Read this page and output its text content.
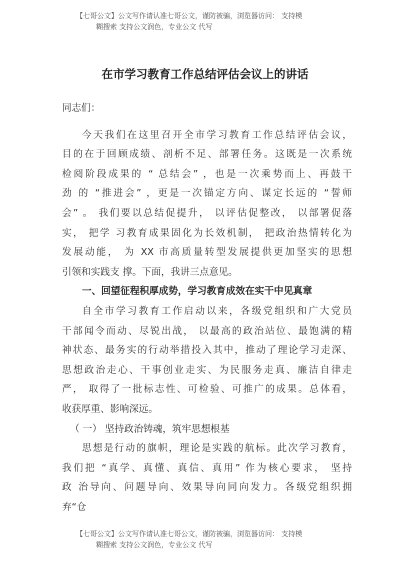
【七哥公文】公文写作请认准七哥公文，谨防被骗，浏览器访问： 支持模
糊搜索 支持公文润色，专业公文 代写
在市学习教育工作总结评估会议上的讲话
同志们：
今天我们在这里召开全市学习教育工作总结评估会议，
目的在于回顾成绩、剖析不足、部署任务。这既是一次系统
检阅阶段成果的 “ 总结会” ，也是一次乘势而上、再鼓干
劲 的 “推进会” ，更是一次锚定方向、谋定长远的 “誓师
会” 。 我们要以总结促提升， 以评估促整改， 以部署促落
实， 把学 习教育成果固化为长效机制， 把政治热情转化为
发展动能， 为 XX 市高质量转型发展提供更加坚实的思想
引领和实践支 撑。下面，我讲三点意见。
一、回望征程积厚成势，学习教育成效在实干中见真章
自全市学习教育工作启动以来，各级党组织和广大党员
干部闻令而动、尽锐出战， 以最高的政治站位、最饱满的精
神状态、最务实的行动举措投入其中，推动了理论学习走深、
思想政治走心、干事创业走实、为民服务走真、廉洁自律走
严， 取得了一批标志性、可检验、可推广的成果。总体看，
收获厚重、影响深远。
（ 一） 坚持政治铸魂，筑牢思想根基
思想是行动的旗帜，理论是实践的航标。此次学习教育，
我们把 “真学、真懂、真信、真用” 作为核心要求， 坚持
政 治导向、问题导向、效果导向同向发力。各级党组织拥
弃“仓
【七哥公文】公文写作请认准七哥公文，谨防被骗，浏览器访问： 支持模
糊搜索 支持公文润色，专业公文 代写
